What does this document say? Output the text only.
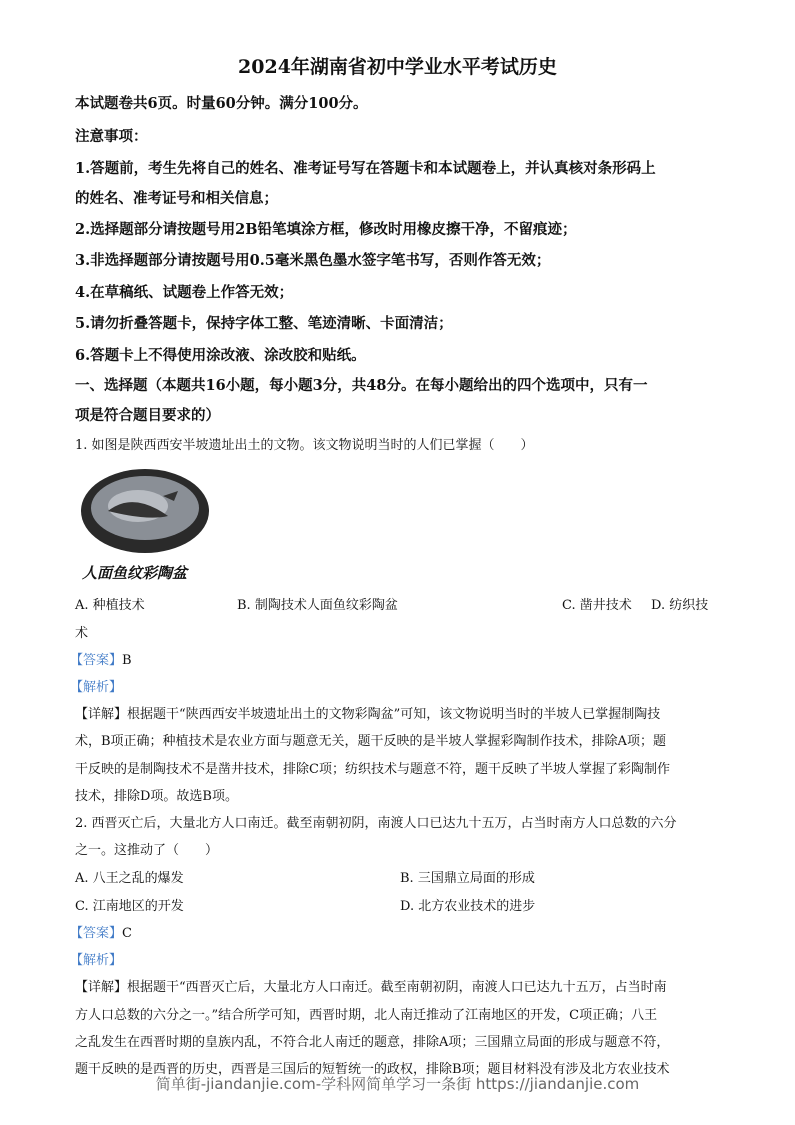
2024年湖南省初中学业水平考试历史
本试题卷共6页。时量60分钟。满分100分。
注意事项：
1.答题前，考生先将自己的姓名、准考证号写在答题卡和本试题卷上，并认真核对条形码上
的姓名、准考证号和相关信息；
2.选择题部分请按题号用2B铅笔填涂方框，修改时用橡皮擦干净，不留痕迹；
3.非选择题部分请按题号用0.5毫米黑色墨水签字笔书写，否则作答无效；
4.在草稿纸、试题卷上作答无效；
5.请勿折叠答题卡，保持字体工整、笔迹清晰、卡面清洁；
6.答题卡上不得使用涂改液、涂改胶和贴纸。
一、选择题（本题共16小题，每小题3分，共48分。在每小题给出的四个选项中，只有一
项是符合题目要求的）
1. 如图是陕西西安半坡遗址出土的文物。该文物说明当时的人们已掌握（　　）
人面鱼纹彩陶盆
A. 种植技术	B. 制陶技术人面鱼纹彩陶盆	C. 凿井技术 D. 纺织技
术
【答案】B
【解析】
【详解】根据题干“陕西西安半坡遗址出土的文物彩陶盆”可知，该文物说明当时的半坡人已掌握制陶技
术，B项正确；种植技术是农业方面与题意无关，题干反映的是半坡人掌握彩陶制作技术，排除A项；题
干反映的是制陶技术不是凿井技术，排除C项；纺织技术与题意不符，题干反映了半坡人掌握了彩陶制作
技术，排除D项。故选B项。
2. 西晋灭亡后，大量北方人口南迁。截至南朝初阴，南渡人口已达九十五万，占当时南方人口总数的六分
之一。这推动了（　　）
A. 八王之乱的爆发	B. 三国鼎立局面的形成
C. 江南地区的开发	D. 北方农业技术的进步
【答案】C
【解析】
【详解】根据题干“西晋灭亡后，大量北方人口南迁。截至南朝初阴，南渡人口已达九十五万，占当时南
方人口总数的六分之一。”结合所学可知，西晋时期，北人南迁推动了江南地区的开发，C项正确；八王
之乱发生在西晋时期的皇族内乱，不符合北人南迁的题意，排除A项；三国鼎立局面的形成与题意不符，
题干反映的是西晋的历史，西晋是三国后的短暂统一的政权，排除B项；题目材料没有涉及北方农业技术
简单街-jiandanjie.com-学科网简单学习一条街 https://jiandanjie.com
